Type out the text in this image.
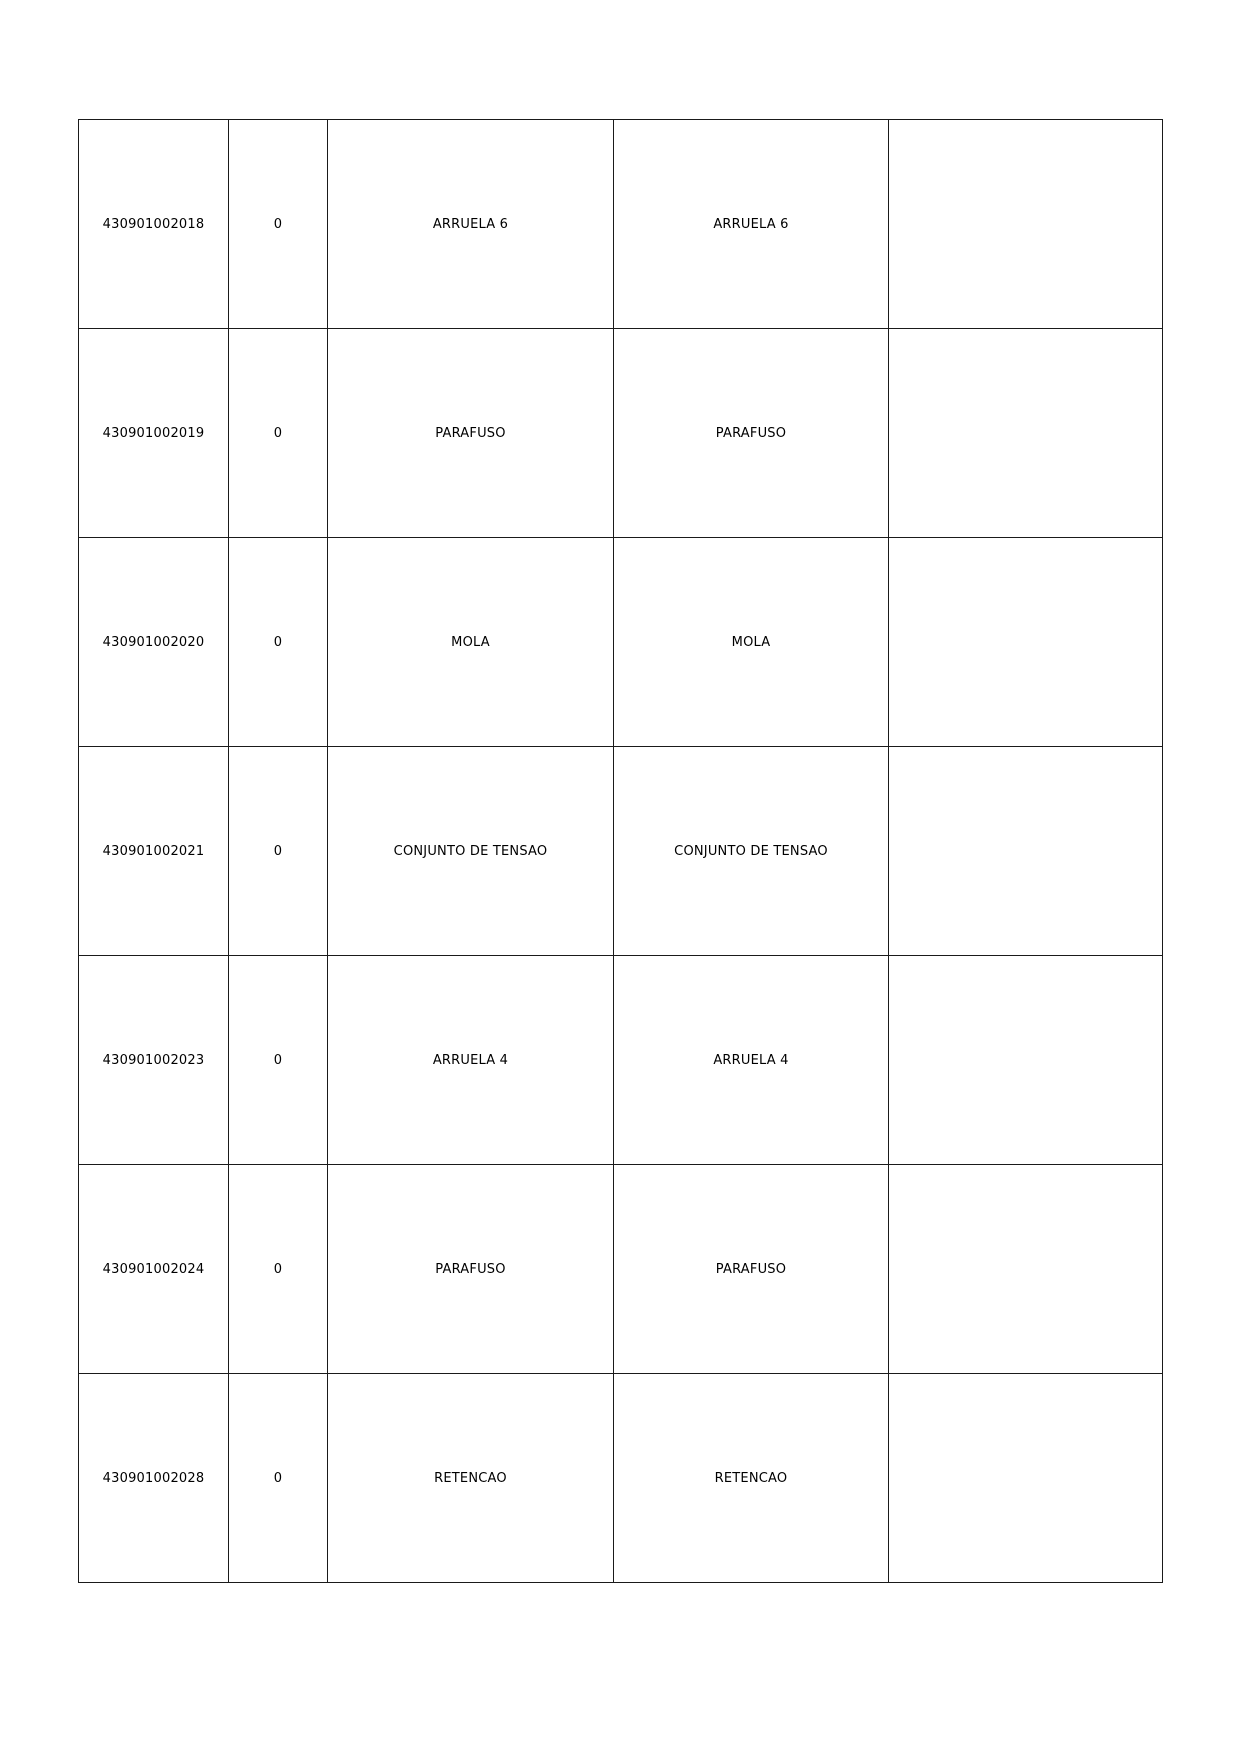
430901002018	0	ARRUELA 6	ARRUELA 6	
430901002019	0	PARAFUSO	PARAFUSO	
430901002020	0	MOLA	MOLA	
430901002021	0	CONJUNTO DE TENSAO	CONJUNTO DE TENSAO	
430901002023	0	ARRUELA 4	ARRUELA 4	
430901002024	0	PARAFUSO	PARAFUSO	
430901002028	0	RETENCAO	RETENCAO	
